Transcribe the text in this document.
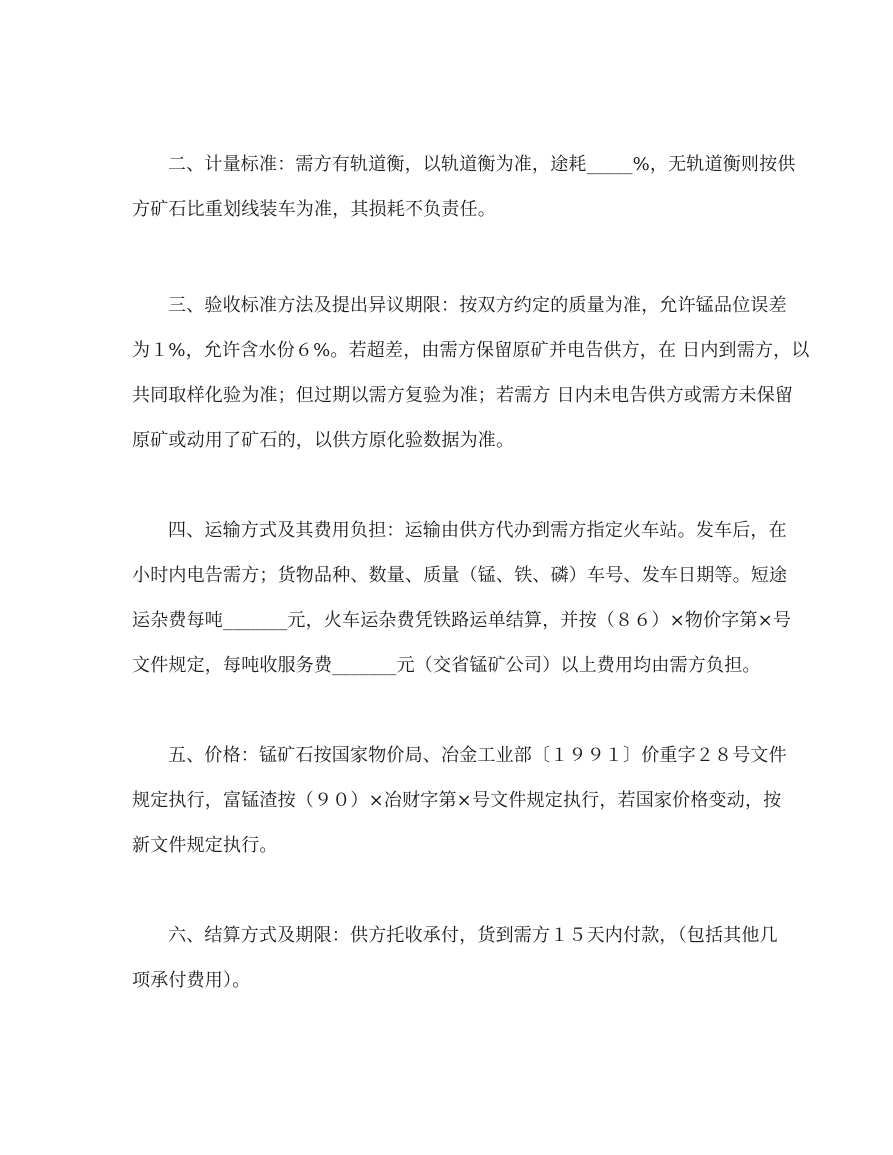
二、计量标准：需方有轨道衡，以轨道衡为准，途耗_____%，无轨道衡则按供
方矿石比重划线装车为准，其损耗不负责任。

三、验收标准方法及提出异议期限：按双方约定的质量为准，允许锰品位误差
为１%，允许含水份６%。若超差，由需方保留原矿并电告供方，在 日内到需方，以
共同取样化验为准；但过期以需方复验为准；若需方 日内未电告供方或需方未保留
原矿或动用了矿石的，以供方原化验数据为准。

四、运输方式及其费用负担：运输由供方代办到需方指定火车站。发车后，在
小时内电告需方；货物品种、数量、质量（锰、铁、磷）车号、发车日期等。短途
运杂费每吨_______元，火车运杂费凭铁路运单结算，并按（８６）×物价字第×号
文件规定，每吨收服务费_______元（交省锰矿公司）以上费用均由需方负担。

五、价格：锰矿石按国家物价局、冶金工业部〔１９９１〕价重字２８号文件
规定执行，富锰渣按（９０）×冶财字第×号文件规定执行，若国家价格变动，按
新文件规定执行。

六、结算方式及期限：供方托收承付，货到需方１５天内付款，（包括其他几
项承付费用）。
